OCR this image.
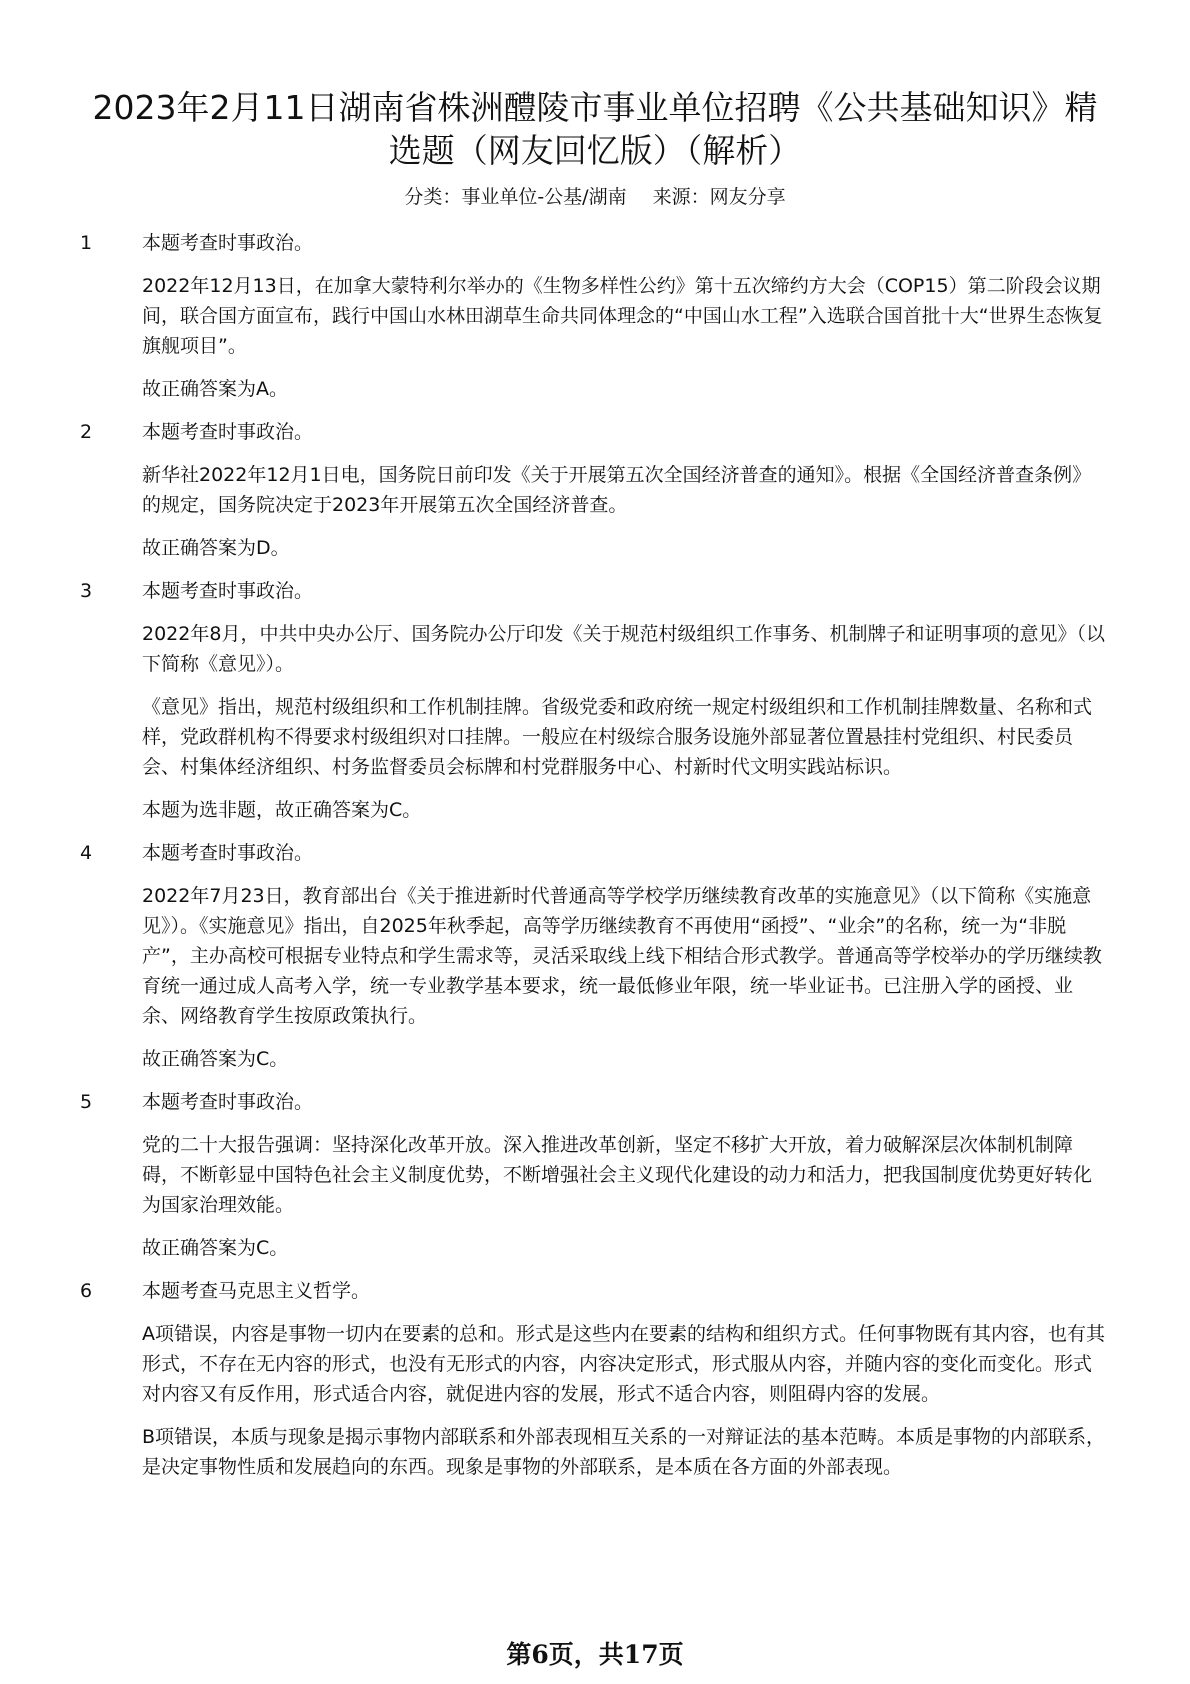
2023年2月11日湖南省株洲醴陵市事业单位招聘《公共基础知识》精选题（网友回忆版）（解析）
分类：事业单位-公基/湖南 来源：网友分享
1	本题考查时事政治。
2022年12月13日，在加拿大蒙特利尔举办的《生物多样性公约》第十五次缔约方大会（COP15）第二阶段会议期间，联合国方面宣布，践行中国山水林田湖草生命共同体理念的“中国山水工程”入选联合国首批十大“世界生态恢复旗舰项目”。
故正确答案为A。
2	本题考查时事政治。
新华社2022年12月1日电，国务院日前印发《关于开展第五次全国经济普查的通知》。根据《全国经济普查条例》的规定，国务院决定于2023年开展第五次全国经济普查。
故正确答案为D。
3	本题考查时事政治。
2022年8月，中共中央办公厅、国务院办公厅印发《关于规范村级组织工作事务、机制牌子和证明事项的意见》（以下简称《意见》）。
《意见》指出，规范村级组织和工作机制挂牌。省级党委和政府统一规定村级组织和工作机制挂牌数量、名称和式样，党政群机构不得要求村级组织对口挂牌。一般应在村级综合服务设施外部显著位置悬挂村党组织、村民委员会、村集体经济组织、村务监督委员会标牌和村党群服务中心、村新时代文明实践站标识。
本题为选非题，故正确答案为C。
4	本题考查时事政治。
2022年7月23日，教育部出台《关于推进新时代普通高等学校学历继续教育改革的实施意见》（以下简称《实施意见》）。《实施意见》指出，自2025年秋季起，高等学历继续教育不再使用“函授”、“业余”的名称，统一为“非脱产”，主办高校可根据专业特点和学生需求等，灵活采取线上线下相结合形式教学。普通高等学校举办的学历继续教育统一通过成人高考入学，统一专业教学基本要求，统一最低修业年限，统一毕业证书。已注册入学的函授、业余、网络教育学生按原政策执行。
故正确答案为C。
5	本题考查时事政治。
党的二十大报告强调：坚持深化改革开放。深入推进改革创新，坚定不移扩大开放，着力破解深层次体制机制障碍，不断彰显中国特色社会主义制度优势，不断增强社会主义现代化建设的动力和活力，把我国制度优势更好转化为国家治理效能。
故正确答案为C。
6	本题考查马克思主义哲学。
A项错误，内容是事物一切内在要素的总和。形式是这些内在要素的结构和组织方式。任何事物既有其内容，也有其形式，不存在无内容的形式，也没有无形式的内容，内容决定形式，形式服从内容，并随内容的变化而变化。形式对内容又有反作用，形式适合内容，就促进内容的发展，形式不适合内容，则阻碍内容的发展。
B项错误，本质与现象是揭示事物内部联系和外部表现相互关系的一对辩证法的基本范畴。本质是事物的内部联系，是决定事物性质和发展趋向的东西。现象是事物的外部联系，是本质在各方面的外部表现。
第6页，共17页
